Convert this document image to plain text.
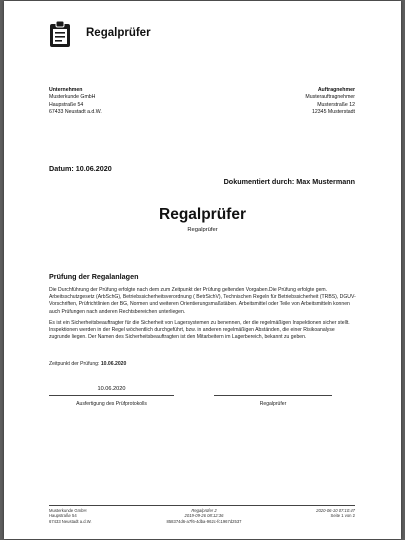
Regalprüfer
Unternehmen
Musterkunde GmbH
Haupstraße 54
67433 Neustadt a.d.W.
Auftragnehmer
Musterauftragnehmer
Musterstraße 12
12345 Musterstadt
Datum: 10.06.2020
Dokumentiert durch: Max Mustermann
Regalprüfer
Regalprüfer
Prüfung der Regalanlagen
Die Durchführung der Prüfung erfolgte nach dem zum Zeitpunkt der Prüfung geltenden Vorgaben.Die Prüfung erfolgte gem. Arbeitsschutzgesetz (ArbSchG), Betriebssicherheitsverordnung ( BetrSichV), Technischen Regeln für Betriebssicherheit (TRBS), DGUV-Vorschriften, Prüfrichtlinien der BG, Normen und weiteren Orientierungsmaßstäben. Arbeitsmittel oder Teile von Arbeitsmitteln konnen auch Prüfungen nach anderen Rechtsbereichen unterliegen.
Es ist ein Sicherheitsbeauftragter für die Sicherheit von Lagersystemen zu benennen, der die regelmäßigen Inspektionen sicher stellt. Inspektionen werden in der Regel wöchentlich durchgeführt, bzw. in anderen regelmäßigen Abständen, die einer Risikoanalyse zugrunde liegen. Der Namen des Sicherheitsbeauftragten ist den Mitarbeitern im Lagerbereich, bekannt zu geben.
Zeitpunkt der Prüfung: 10.06.2020
10.06.2020
Ausfertigung des Prüfprotokolls	Regalprüfer
Musterkunde GmbH
Haupstraße 54
67433 Neustadt a.d.W.
Regalprüfer 2
2019-09-26 08:12:36
858374d6-a7f6-4dba-962c-fc1967d2537
2020-06-10 07:10:47
Seite 1 von 2
